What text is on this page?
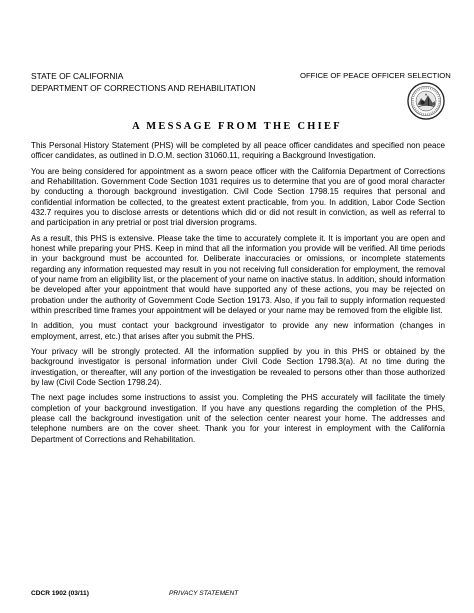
STATE OF CALIFORNIA
DEPARTMENT OF CORRECTIONS AND REHABILITATION
OFFICE OF PEACE OFFICER SELECTION
A MESSAGE FROM THE CHIEF

This Personal History Statement (PHS) will be completed by all peace officer candidates and specified non peace officer candidates, as outlined in D.O.M. section 31060.11, requiring a Background Investigation.

You are being considered for appointment as a sworn peace officer with the California Department of Corrections and Rehabilitation. Government Code Section 1031 requires us to determine that you are of good moral character by conducting a thorough background investigation. Civil Code Section 1798.15 requires that personal and confidential information be collected, to the greatest extent practicable, from you. In addition, Labor Code Section 432.7 requires you to disclose arrests or detentions which did or did not result in conviction, as well as referral to and participation in any pretrial or post trial diversion programs.

As a result, this PHS is extensive. Please take the time to accurately complete it. It is important you are open and honest while preparing your PHS. Keep in mind that all the information you provide will be verified. All time periods in your background must be accounted for. Deliberate inaccuracies or omissions, or incomplete statements regarding any information requested may result in you not receiving full consideration for employment, the removal of your name from an eligibility list, or the placement of your name on inactive status. In addition, should information be developed after your appointment that would have supported any of these actions, you may be rejected on probation under the authority of Government Code Section 19173. Also, if you fail to supply information requested within prescribed time frames your appointment will be delayed or your name may be removed from the eligible list.

In addition, you must contact your background investigator to provide any new information (changes in employment, arrest, etc.) that arises after you submit the PHS.

Your privacy will be strongly protected. All the information supplied by you in this PHS or obtained by the background investigator is personal information under Civil Code Section 1798.3(a). At no time during the investigation, or thereafter, will any portion of the investigation be revealed to persons other than those authorized by law (Civil Code Section 1798.24).

The next page includes some instructions to assist you. Completing the PHS accurately will facilitate the timely completion of your background investigation. If you have any questions regarding the completion of the PHS, please call the background investigation unit of the selection center nearest your home. The addresses and telephone numbers are on the cover sheet. Thank you for your interest in employment with the California Department of Corrections and Rehabilitation.

CDCR 1902 (03/11)	PRIVACY STATEMENT
